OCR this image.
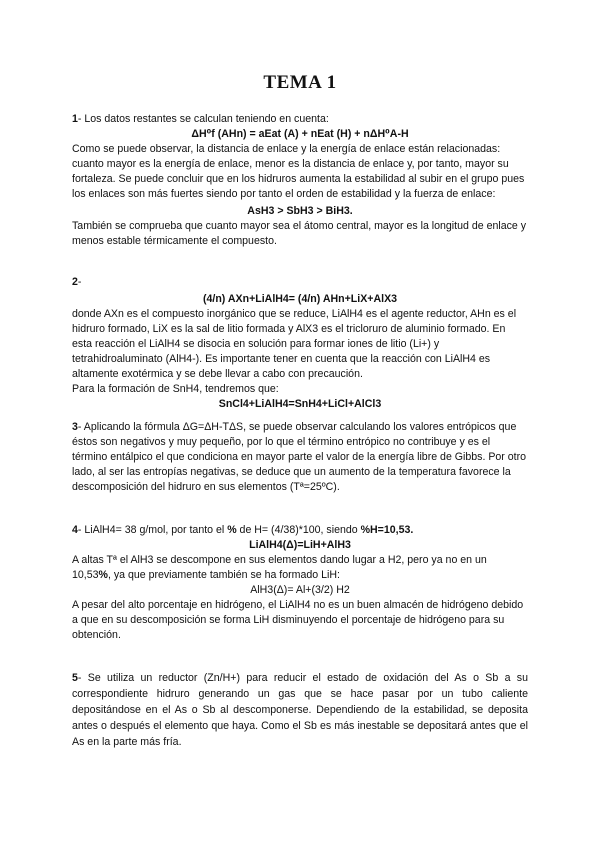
TEMA 1

1- Los datos restantes se calculan teniendo en cuenta:

ΔH⁰f (AHn) = aEat (A) + nEat (H) + nΔH⁰A-H

Como se puede observar, la distancia de enlace y la energía de enlace están relacionadas: cuanto mayor es la energía de enlace, menor es la distancia de enlace y, por tanto, mayor su fortaleza. Se puede concluir que en los hidruros aumenta la estabilidad al subir en el grupo pues los enlaces son más fuertes siendo por tanto el orden de estabilidad y la fuerza de enlace:

AsH3 > SbH3 > BiH3.

También se comprueba que cuanto mayor sea el átomo central, mayor es la longitud de enlace y menos estable térmicamente el compuesto.

2-

(4/n) AXn+LiAlH4= (4/n) AHn+LiX+AlX3

donde AXn es el compuesto inorgánico que se reduce, LiAlH4 es el agente reductor, AHn es el hidruro formado, LiX es la sal de litio formada y AlX3 es el tricloruro de aluminio formado. En esta reacción el LiAlH4 se disocia en solución para formar iones de litio (Li+) y tetrahidroaluminato (AlH4-). Es importante tener en cuenta que la reacción con LiAlH4 es altamente exotérmica y se debe llevar a cabo con precaución.

Para la formación de SnH4, tendremos que:

SnCl4+LiAlH4=SnH4+LiCl+AlCl3

3- Aplicando la fórmula ΔG=ΔH-TΔS, se puede observar calculando los valores entrópicos que éstos son negativos y muy pequeño, por lo que el término entrópico no contribuye y es el término entálpico el que condiciona en mayor parte el valor de la energía libre de Gibbs. Por otro lado, al ser las entropías negativas, se deduce que un aumento de la temperatura favorece la descomposición del hidruro en sus elementos (Tª=25ºC).

4- LiAlH4= 38 g/mol, por tanto el % de H= (4/38)*100, siendo %H=10,53.

LiAlH4(Δ)=LiH+AlH3

A altas Tª el AlH3 se descompone en sus elementos dando lugar a H2, pero ya no en un 10,53%, ya que previamente también se ha formado LiH:

AlH3(Δ)= Al+(3/2) H2

A pesar del alto porcentaje en hidrógeno, el LiAlH4 no es un buen almacén de hidrógeno debido a que en su descomposición se forma LiH disminuyendo el porcentaje de hidrógeno para su obtención.

5- Se utiliza un reductor (Zn/H+) para reducir el estado de oxidación del As o Sb a su correspondiente hidruro generando un gas que se hace pasar por un tubo caliente depositándose en el As o Sb al descomponerse. Dependiendo de la estabilidad, se deposita antes o después el elemento que haya. Como el Sb es más inestable se depositará antes que el As en la parte más fría.
